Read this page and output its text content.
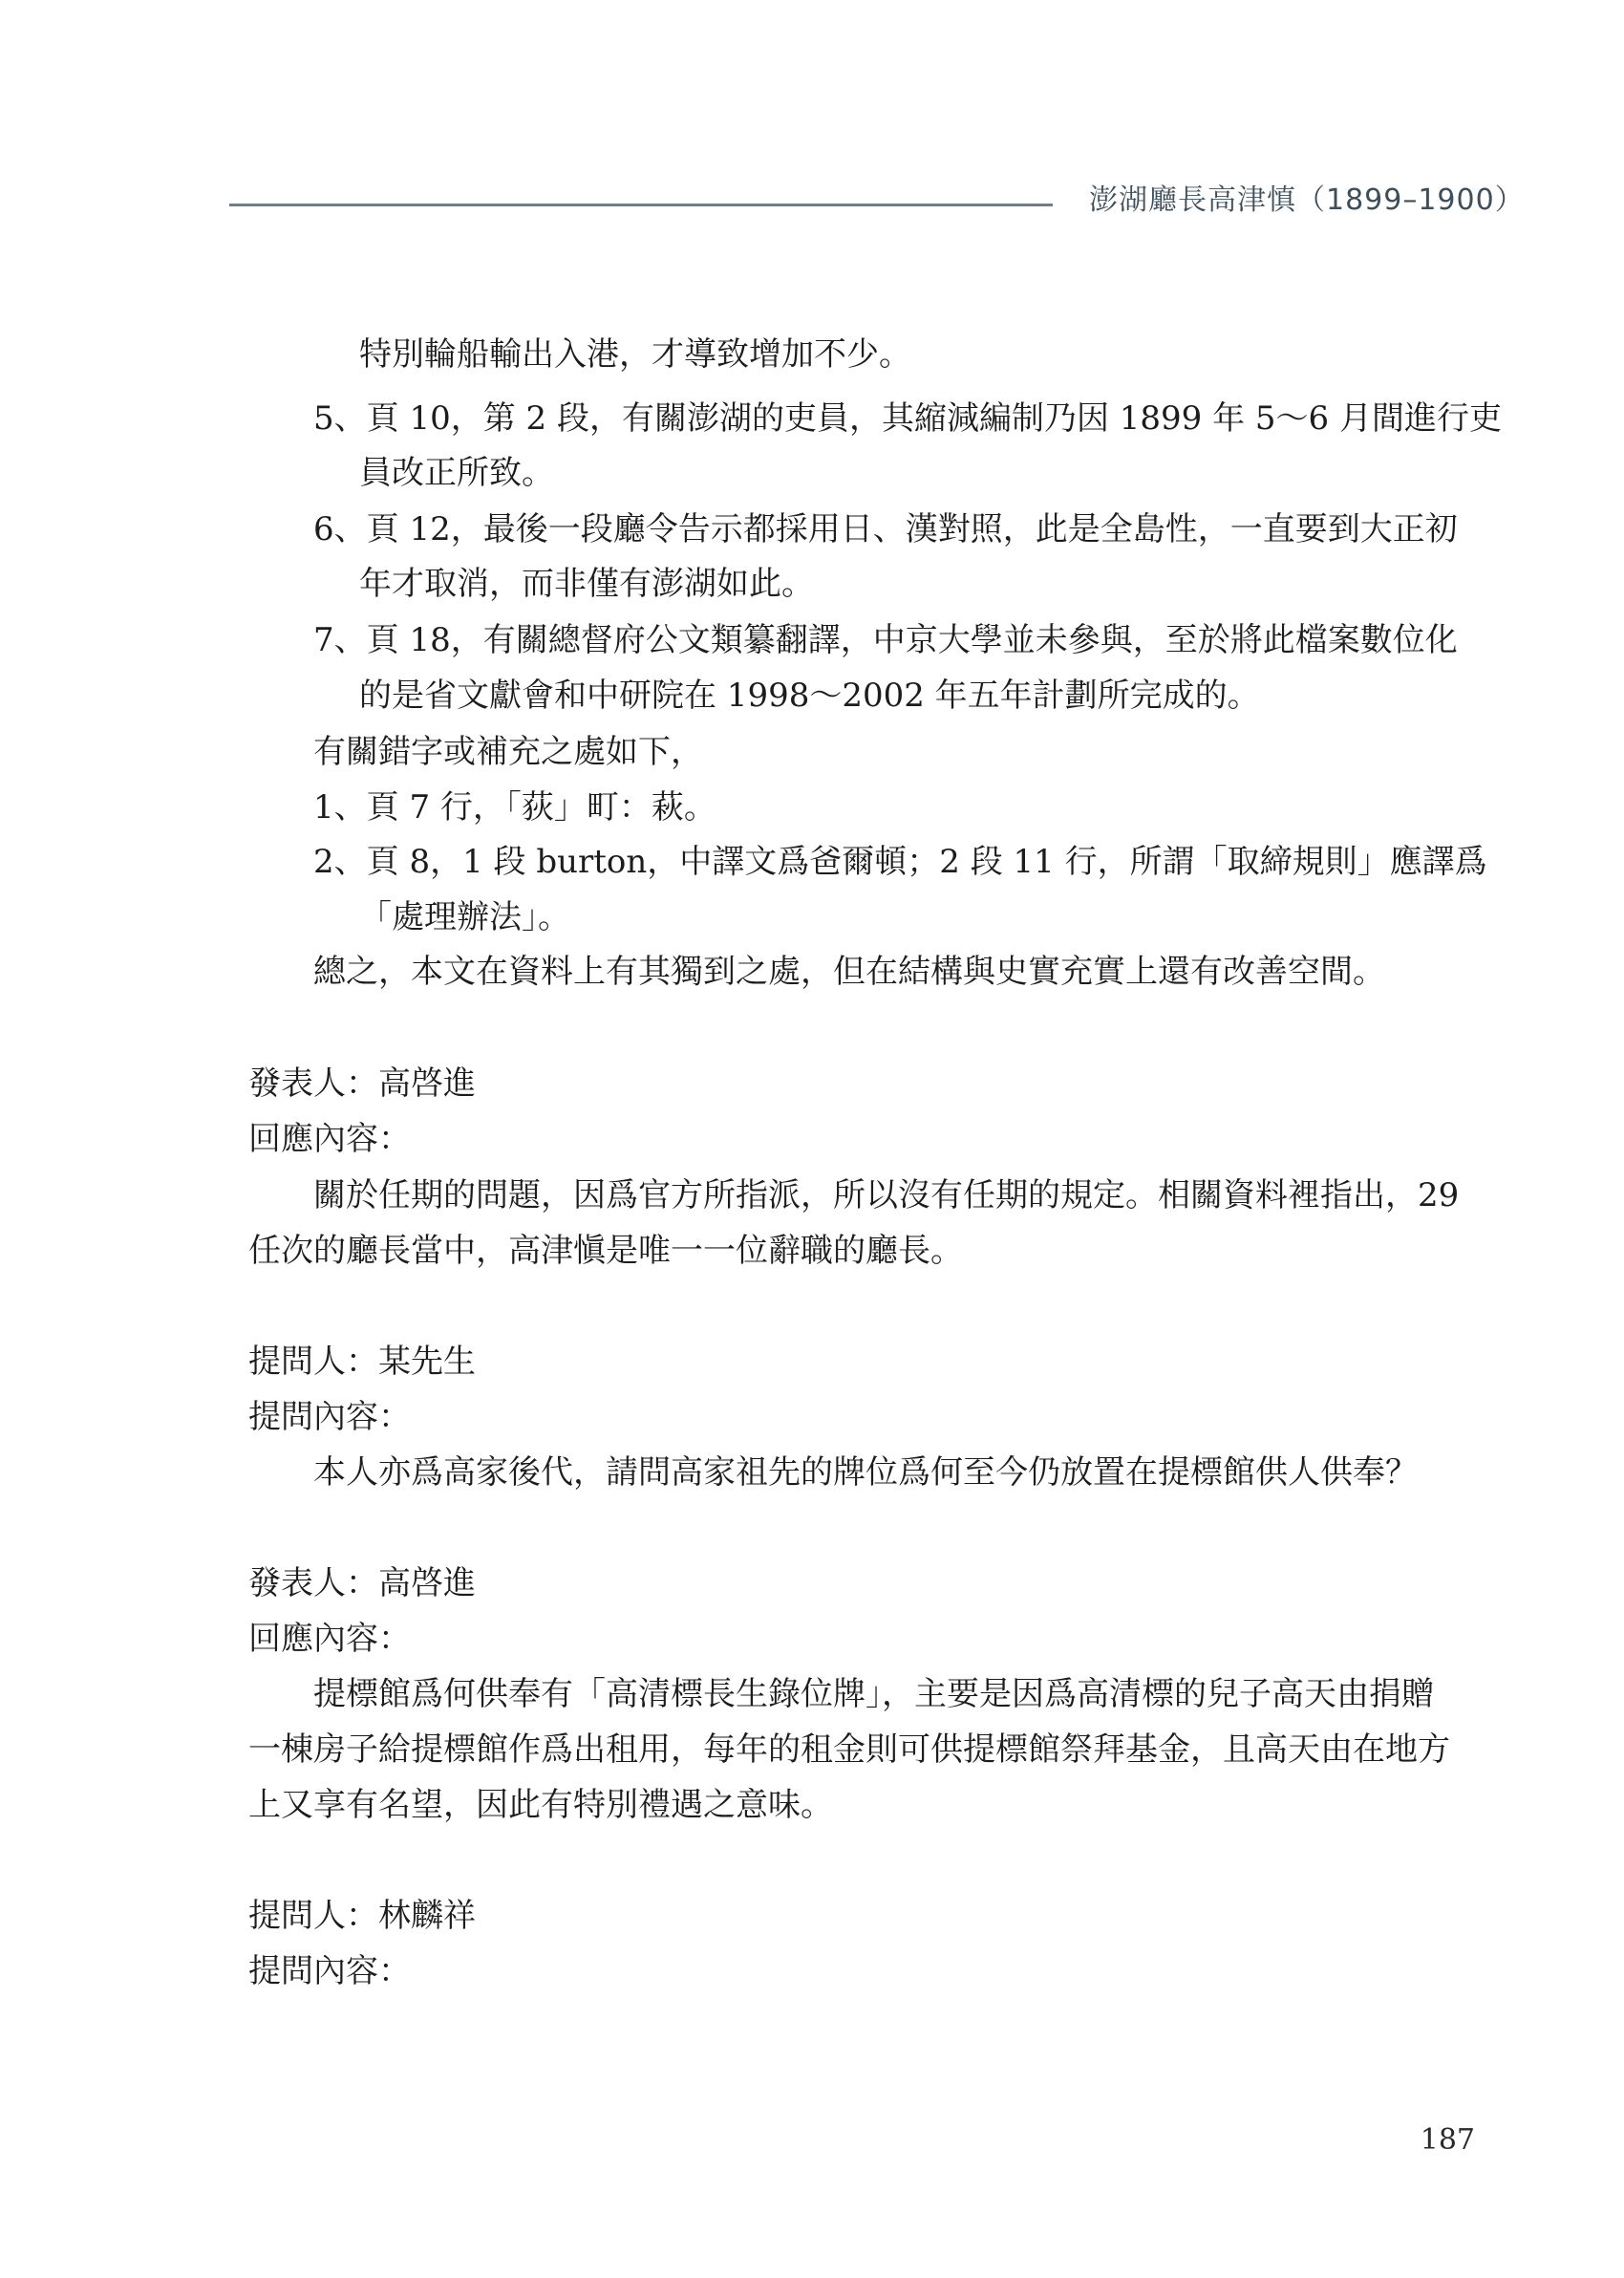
澎湖廳長高津慎（1899–1900）
特別輪船輸出入港，才導致增加不少。
5、頁 10，第 2 段，有關澎湖的吏員，其縮減編制乃因 1899 年 5～6 月間進行吏
員改正所致。
6、頁 12，最後一段廳令告示都採用日、漢對照，此是全島性，一直要到大正初
年才取消，而非僅有澎湖如此。
7、頁 18，有關總督府公文類纂翻譯，中京大學並未參與，至於將此檔案數位化
的是省文獻會和中研院在 1998～2002 年五年計劃所完成的。
有關錯字或補充之處如下，
1、頁 7 行，「荻」町：萩。
2、頁 8，1 段 burton，中譯文爲爸爾頓；2 段 11 行，所謂「取締規則」應譯爲
「處理辦法」。
總之，本文在資料上有其獨到之處，但在結構與史實充實上還有改善空間。
發表人：高啓進
回應內容：
關於任期的問題，因爲官方所指派，所以沒有任期的規定。相關資料裡指出，29
任次的廳長當中，高津愼是唯一一位辭職的廳長。
提問人：某先生
提問內容：
本人亦爲高家後代，請問高家祖先的牌位爲何至今仍放置在提標館供人供奉？
發表人：高啓進
回應內容：
提標館爲何供奉有「高清標長生錄位牌」，主要是因爲高清標的兒子高天由捐贈
一棟房子給提標館作爲出租用，每年的租金則可供提標館祭拜基金，且高天由在地方
上又享有名望，因此有特別禮遇之意味。
提問人：林麟祥
提問內容：
187
